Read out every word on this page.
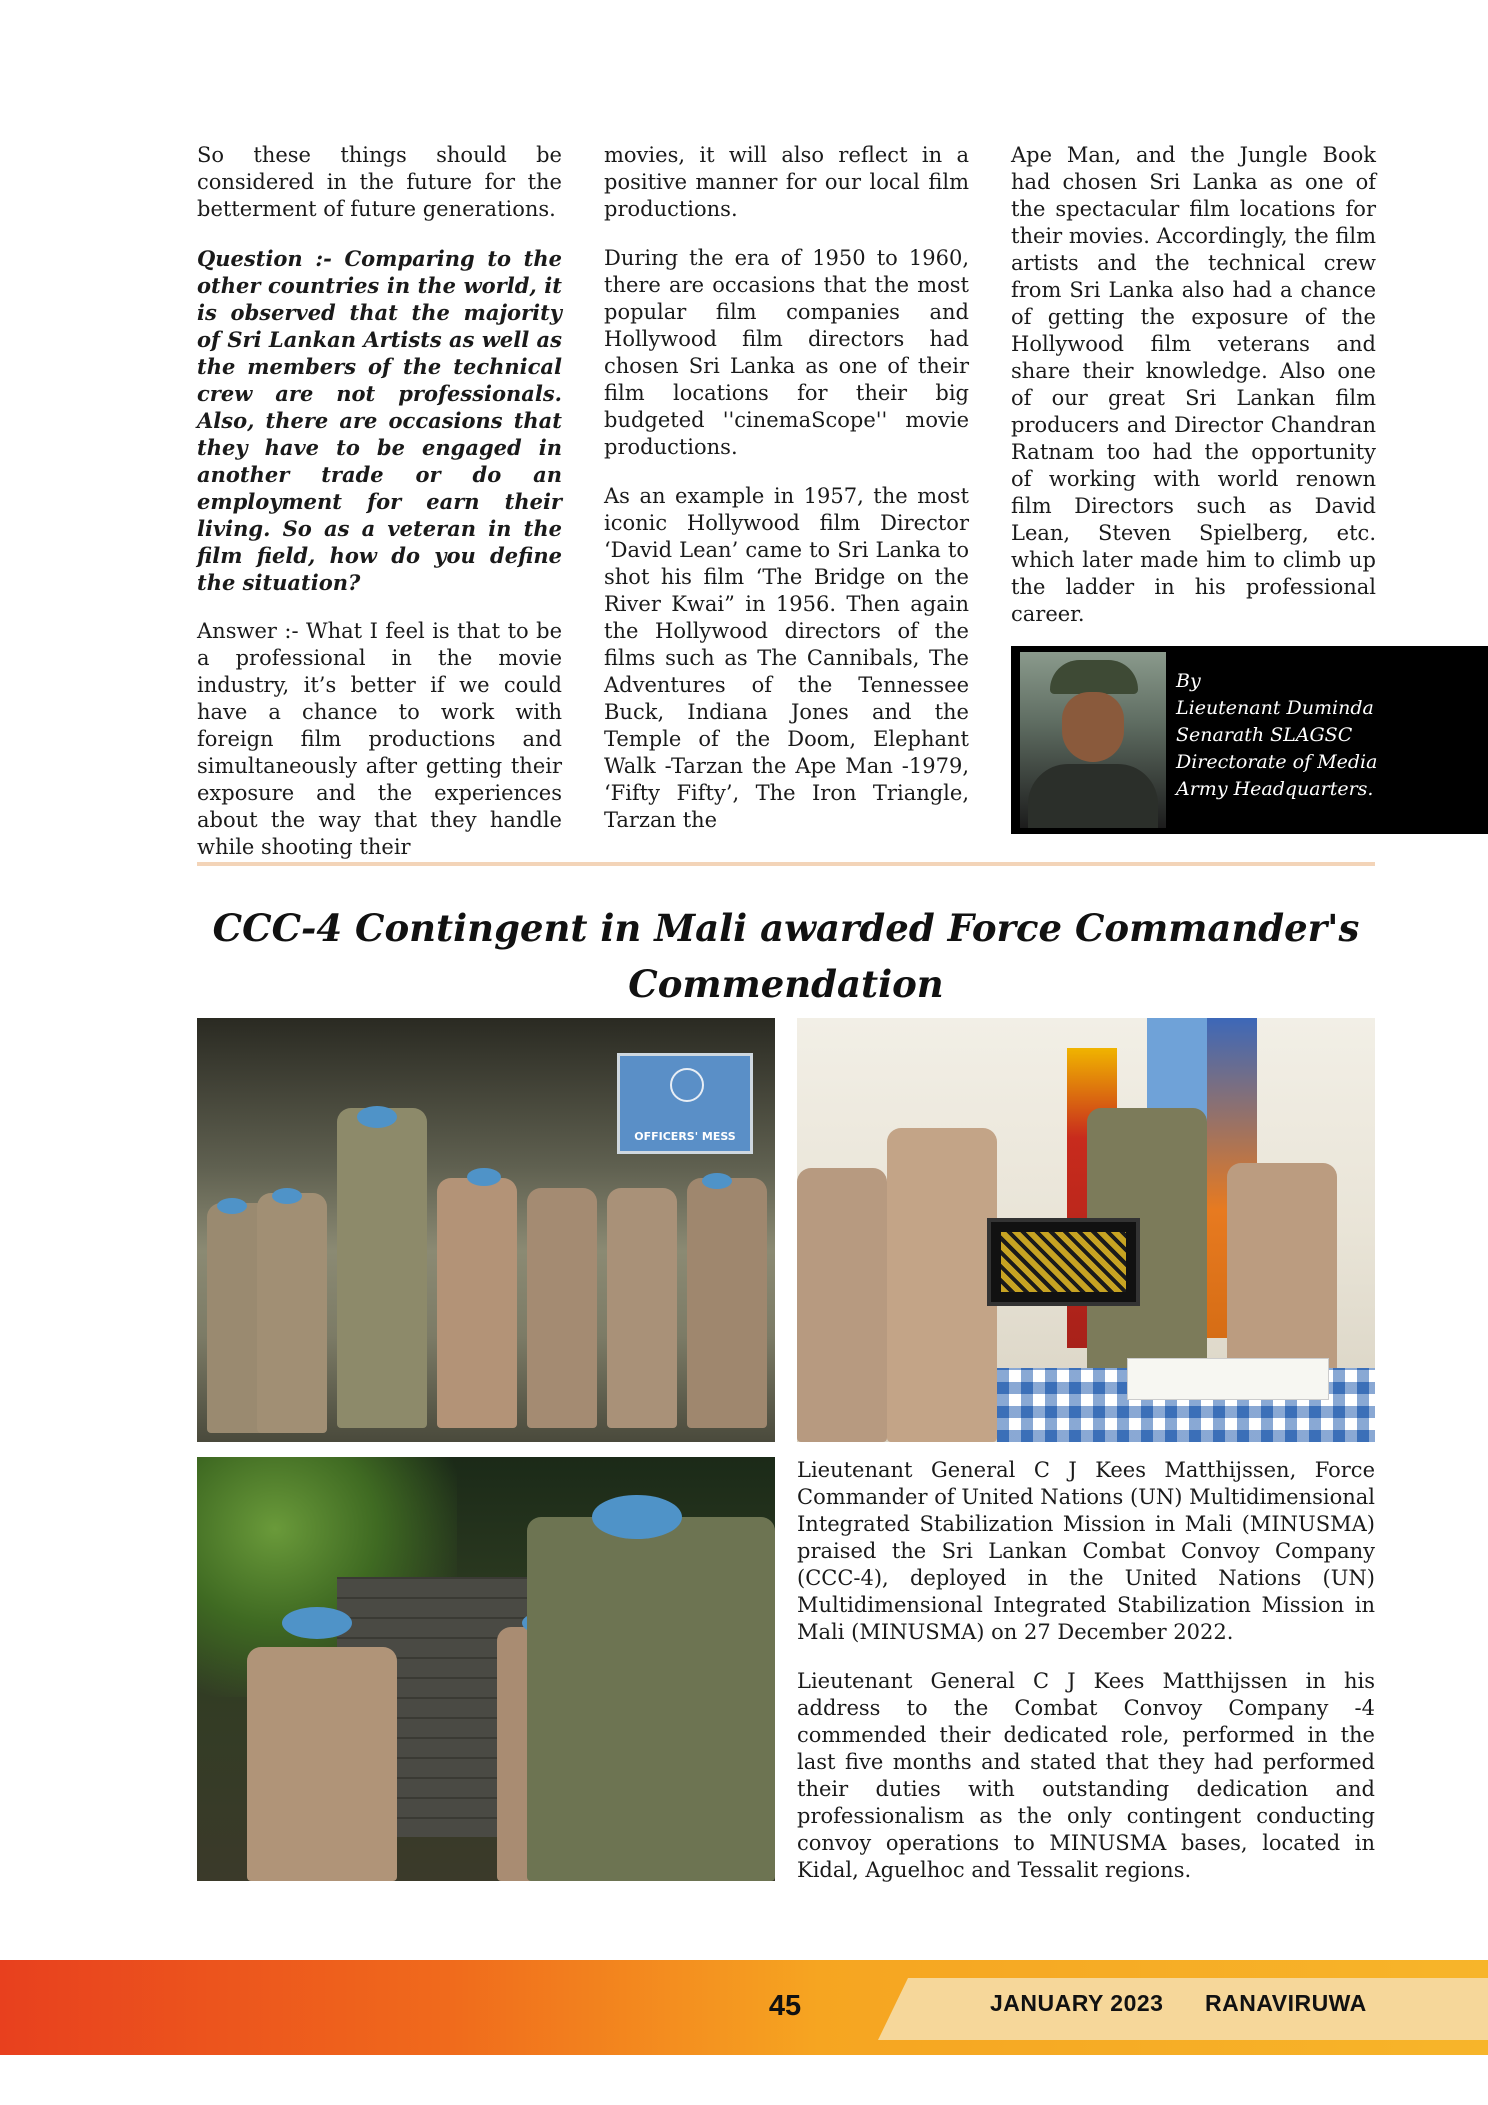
So these things should be considered in the future for the betterment of future generations.

Question :- Comparing to the other countries in the world, it is observed that the majority of Sri Lankan Artists as well as the members of the technical crew are not professionals. Also, there are occasions that they have to be engaged in another trade or do an employment for earn their living. So as a veteran in the film field, how do you define the situation?

Answer :- What I feel is that to be a professional in the movie industry, it’s better if we could have a chance to work with foreign film productions and simultaneously after getting their exposure and the experiences about the way that they handle while shooting their

movies, it will also reflect in a positive manner for our local film productions.

During the era of 1950 to 1960, there are occasions that the most popular film companies and Hollywood film directors had chosen Sri Lanka as one of their film locations for their big budgeted ''cinemaScope'' movie productions.

As an example in 1957, the most iconic Hollywood film Director ‘David Lean’ came to Sri Lanka to shot his film ‘The Bridge on the River Kwai” in 1956. Then again the Hollywood directors of the films such as The Cannibals, The Adventures of the Tennessee Buck, Indiana Jones and the Temple of the Doom, Elephant Walk -Tarzan the Ape Man -1979, ‘Fifty Fifty’, The Iron Triangle, Tarzan the

Ape Man, and the Jungle Book had chosen Sri Lanka as one of the spectacular film locations for their movies. Accordingly, the film artists and the technical crew from Sri Lanka also had a chance of getting the exposure of the Hollywood film veterans and share their knowledge. Also one of our great Sri Lankan film producers and Director Chandran Ratnam too had the opportunity of working with world renown film Directors such as David Lean, Steven Spielberg, etc. which later made him to climb up the ladder in his professional career.

By
Lieutenant Duminda
Senarath SLAGSC
Directorate of Media
Army Headquarters.
CCC-4 Contingent in Mali awarded Force Commander's
Commendation
OFFICERS' MESS

Lieutenant General C J Kees Matthijssen, Force Commander of United Nations (UN) Multidimensional Integrated Stabilization Mission in Mali (MINUSMA) praised the Sri Lankan Combat Convoy Company (CCC-4), deployed in the United Nations (UN) Multidimensional Integrated Stabilization Mission in Mali (MINUSMA) on 27 December 2022.

Lieutenant General C J Kees Matthijssen in his address to the Combat Convoy Company -4 commended their dedicated role, performed in the last five months and stated that they had performed their duties with outstanding dedication and professionalism as the only contingent conducting convoy operations to MINUSMA bases, located in Kidal, Aguelhoc and Tessalit regions.

45	JANUARY 2023 RANAVIRUWA
